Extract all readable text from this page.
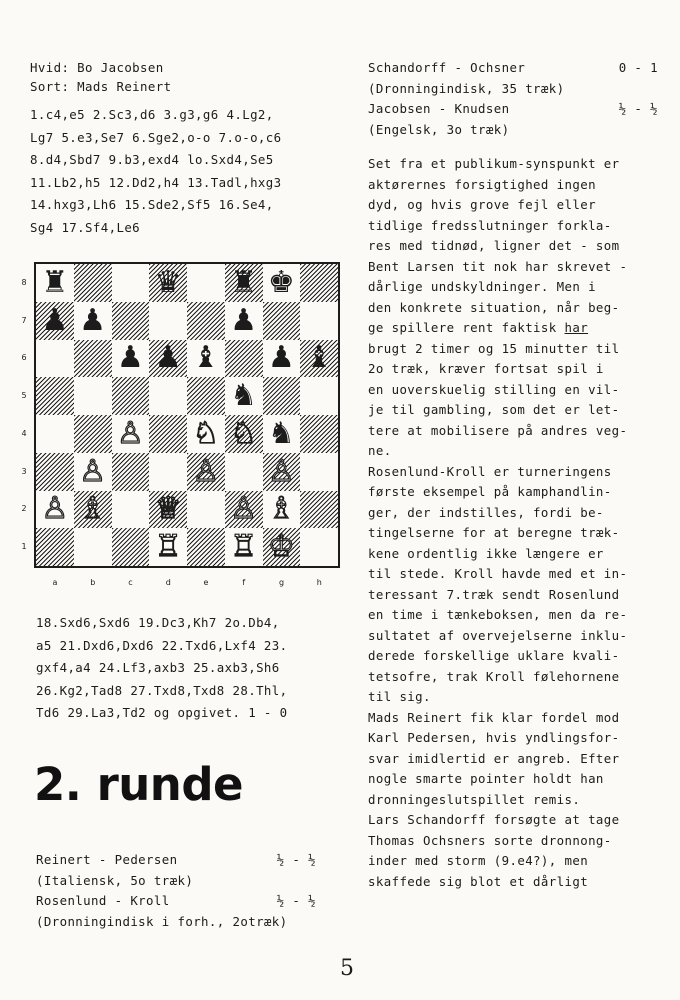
Hvid: Bo Jacobsen
Sort: Mads Reinert
1.c4,e5 2.Sc3,d6 3.g3,g6 4.Lg2,
Lg7 5.e3,Se7 6.Sge2,o-o 7.o-o,c6
8.d4,Sbd7 9.b3,exd4 lo.Sxd4,Se5
11.Lb2,h5 12.Dd2,h4 13.Tadl,hxg3
14.hxg3,Lh6 15.Sde2,Sf5 16.Se4,
Sg4 17.Sf4,Le6
8
7
6
5
4
3
2
1
♜	♛ ♜ ♚
♟ ♟	♟
♟ ♟ ♝ ♟ ♝
♞
♙ ♘ ♘ ♞
♙	♙ ♙
♙ ♗ ♕ ♙ ♗
♖ ♖ ♔
a	b	c	d	e	f	g	h
18.Sxd6,Sxd6 19.Dc3,Kh7 2o.Db4,
a5 21.Dxd6,Dxd6 22.Txd6,Lxf4 23.
gxf4,a4 24.Lf3,axb3 25.axb3,Sh6
26.Kg2,Tad8 27.Txd8,Txd8 28.Thl,
Td6 29.La3,Td2 og opgivet. 1 - 0
2. runde
Reinert - Pedersen	½ - ½
(Italiensk, 5o træk)
Rosenlund - Kroll	½ - ½
(Dronningindisk i forh., 2otræk)
Schandorff - Ochsner	0 - 1
(Dronningindisk, 35 træk)
Jacobsen - Knudsen	½ - ½
(Engelsk, 3o træk)
Set fra et publikum-synspunkt er
aktørernes forsigtighed ingen
dyd, og hvis grove fejl eller
tidlige fredsslutninger forkla-
res med tidnød, ligner det - som
Bent Larsen tit nok har skrevet -
dårlige undskyldninger. Men i
den konkrete situation, når beg-
ge spillere rent faktisk har
brugt 2 timer og 15 minutter til
2o træk, kræver fortsat spil i
en uoverskuelig stilling en vil-
je til gambling, som det er let-
tere at mobilisere på andres veg-
ne.
Rosenlund-Kroll er turneringens
første eksempel på kamphandlin-
ger, der indstilles, fordi be-
tingelserne for at beregne træk-
kene ordentlig ikke længere er
til stede. Kroll havde med et in-
teressant 7.træk sendt Rosenlund
en time i tænkeboksen, men da re-
sultatet af overvejelserne inklu-
derede forskellige uklare kvali-
tetsofre, trak Kroll følehornene
til sig.
Mads Reinert fik klar fordel mod
Karl Pedersen, hvis yndlingsfor-
svar imidlertid er angreb. Efter
nogle smarte pointer holdt han
dronningeslutspillet remis.
Lars Schandorff forsøgte at tage
Thomas Ochsners sorte dronnong-
inder med storm (9.e4?), men
skaffede sig blot et dårligt
5
